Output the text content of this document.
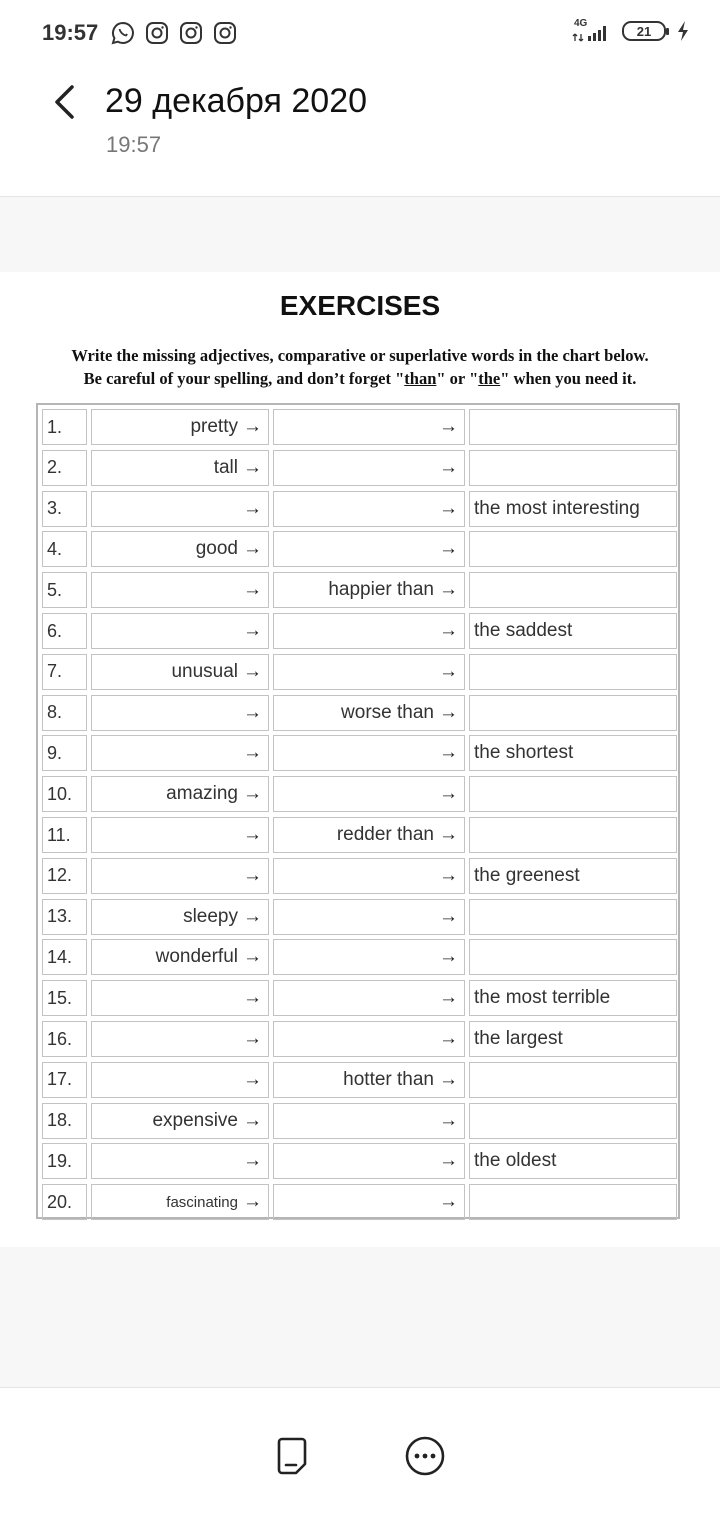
19:57	4G	21
29 декабря 2020
19:57
EXERCISES
Write the missing adjectives, comparative or superlative words in the chart below.
Be careful of your spelling, and don’t forget "than" or "the" when you need it.
1.	pretty →	→
2.	tall →	→
3.	→	→ the most interesting
4.	good →	→
5.	→	happier than →
6.	→	→ the saddest
7.	unusual →	→
8.	→	worse than →
9.	→	→ the shortest
10.	amazing →	→
11.	→	redder than →
12.	→	→ the greenest
13.	sleepy →	→
14.	wonderful →	→
15.	→	→ the most terrible
16.	→	→ the largest
17.	→	hotter than →
18.	expensive →	→
19.	→	→ the oldest
20.	fascinating →	→
